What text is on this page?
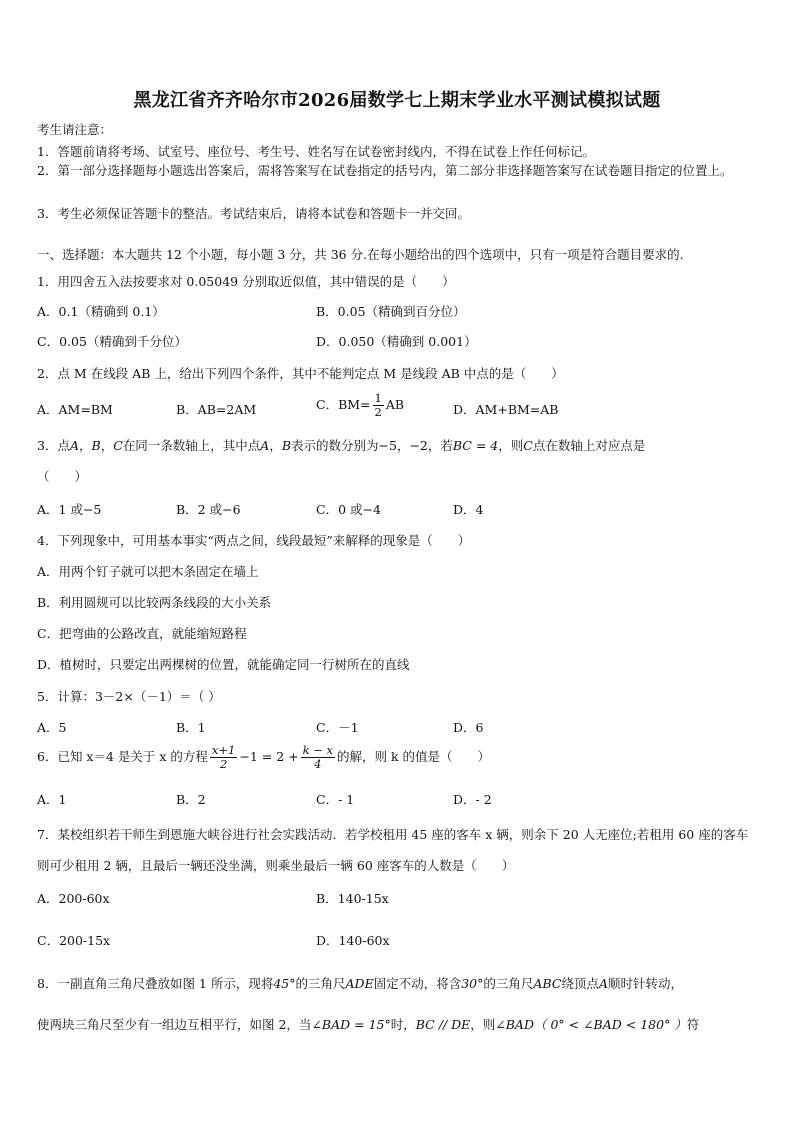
黑龙江省齐齐哈尔市2026届数学七上期末学业水平测试模拟试题
考生请注意：
1．答题前请将考场、试室号、座位号、考生号、姓名写在试卷密封线内，不得在试卷上作任何标记。
2．第一部分选择题每小题选出答案后，需将答案写在试卷指定的括号内，第二部分非选择题答案写在试卷题目指定的位置上。
3．考生必须保证答题卡的整洁。考试结束后，请将本试卷和答题卡一并交回。
一、选择题：本大题共 12 个小题，每小题 3 分，共 36 分.在每小题给出的四个选项中，只有一项是符合题目要求的.
1．用四舍五入法按要求对 0.05049 分别取近似值，其中错误的是（　　）
A．0.1（精确到 0.1）	B．0.05（精确到百分位）
C．0.05（精确到千分位）	D．0.050（精确到 0.001）
2．点 M 在线段 AB 上，给出下列四个条件，其中不能判定点 M 是线段 AB 中点的是（　　）
A．AM=BM	B．AB=2AM	C．$BM= \frac{1}{2}$ AB	D．AM+BM=AB
3．点A，B，C在同一条数轴上，其中点A，B表示的数分别为−5，−2，若BC = 4，则C点在数轴上对应点是
（　　）
A．1 或−5	B．2 或−6	C．0 或−4	D．4
4．下列现象中，可用基本事实“两点之间，线段最短”来解释的现象是（　　）
A．用两个钉子就可以把木条固定在墙上
B．利用圆规可以比较两条线段的大小关系
C．把弯曲的公路改直，就能缩短路程
D．植树时，只要定出两棵树的位置，就能确定同一行树所在的直线
5．计算：3－2×（－1）＝（ ）
A．5	B．1	C．－1	D．6
6．已知 x＝4 是关于 x 的方程 $\frac{x+1}{2} -1 = 2 + \frac{k - x}{4}$ 的解，则 k 的值是（　　）
A．1	B．2	C．- 1	D．- 2
7．某校组织若干师生到恩施大峡谷进行社会实践活动．若学校租用 45 座的客车 x 辆，则余下 20 人无座位;若租用 60 座的客车则可少租用 2 辆，且最后一辆还没坐满，则乘坐最后一辆 60 座客车的人数是（　　）
A．200-60x	B．140-15x
C．200-15x	D．140-60x
8．一副直角三角尺叠放如图 1 所示，现将45°的三角尺ADE固定不动，将含30°的三角尺ABC绕顶点A顺时针转动，
使两块三角尺至少有一组边互相平行，如图 2，当∠BAD = 15°时，BC // DE，则∠BAD（ 0° < ∠BAD < 180° ）符
